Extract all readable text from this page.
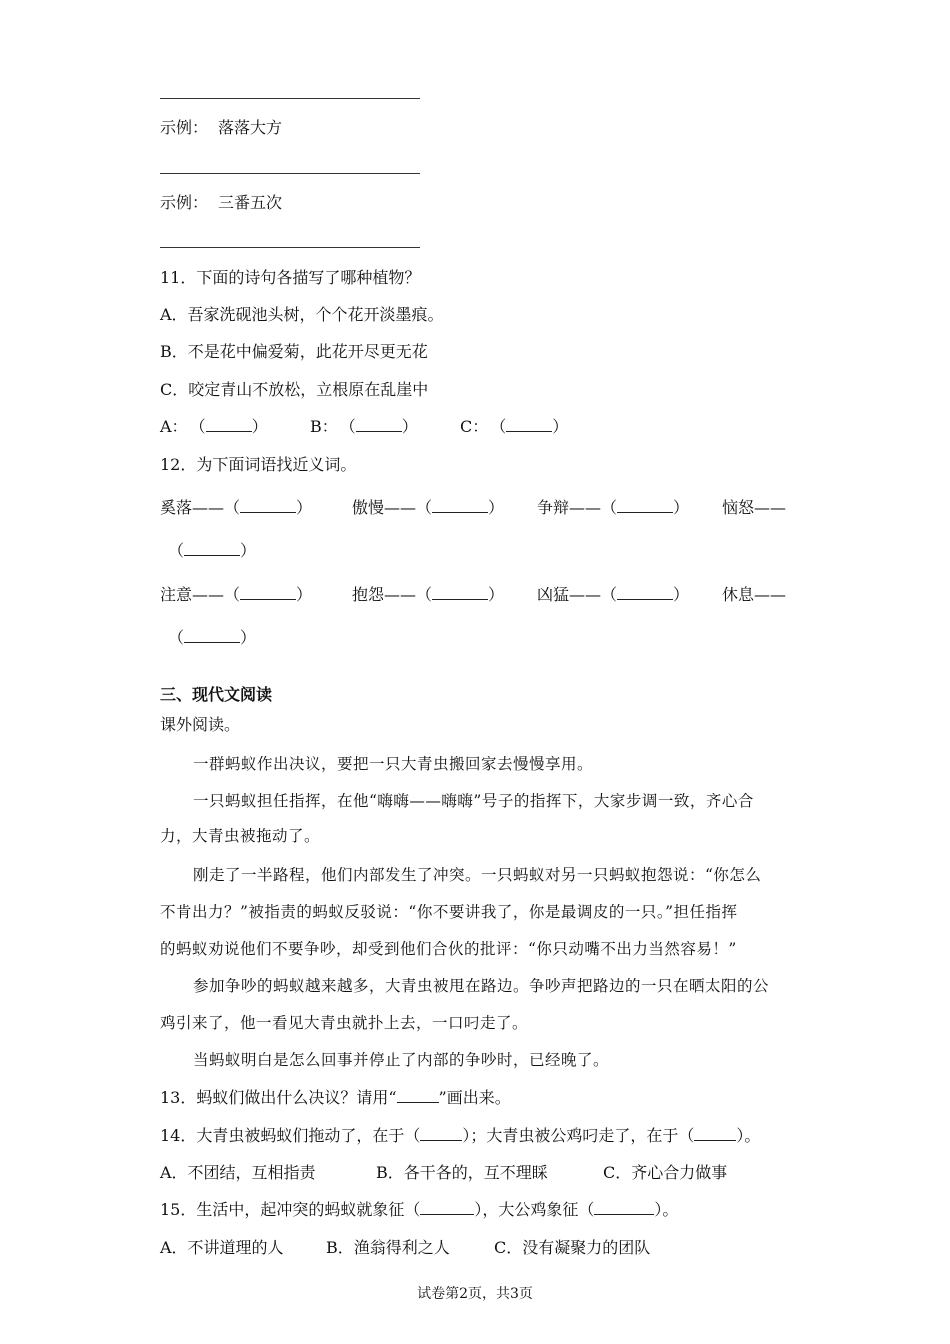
示例： 落落大方
示例： 三番五次
11．下面的诗句各描写了哪种植物？
A．吾家洗砚池头树，个个花开淡墨痕。
B．不是花中偏爱菊，此花开尽更无花
C．咬定青山不放松，立根原在乱崖中
A： （	）	B： （	）	C： （	）
12．为下面词语找近义词。
奚落——（	） 傲慢——（	） 争辩——（	） 恼怒——
（	）
注意——（	） 抱怨——（	） 凶猛——（	） 休息——
（	）
三、现代文阅读
课外阅读。
一群蚂蚁作出决议，要把一只大青虫搬回家去慢慢享用。
一只蚂蚁担任指挥，在他“嗨嗨——嗨嗨”号子的指挥下，大家步调一致，齐心合
力，大青虫被拖动了。
刚走了一半路程，他们内部发生了冲突。一只蚂蚁对另一只蚂蚁抱怨说：“你怎么
不肯出力？”被指责的蚂蚁反驳说：“你不要讲我了，你是最调皮的一只。”担任指挥
的蚂蚁劝说他们不要争吵，却受到他们合伙的批评：“你只动嘴不出力当然容易！”
参加争吵的蚂蚁越来越多，大青虫被甩在路边。争吵声把路边的一只在晒太阳的公
鸡引来了，他一看见大青虫就扑上去，一口叼走了。
当蚂蚁明白是怎么回事并停止了内部的争吵时，已经晚了。
13．蚂蚁们做出什么决议？请用“	”画出来。
14．大青虫被蚂蚁们拖动了，在于（	）；大青虫被公鸡叼走了，在于（	）。
A．不团结，互相指责	B．各干各的，互不理睬	C．齐心合力做事
15．生活中，起冲突的蚂蚁就象征（	），大公鸡象征（	）。
A．不讲道理的人	B．渔翁得利之人	C．没有凝聚力的团队
试卷第2页，共3页
